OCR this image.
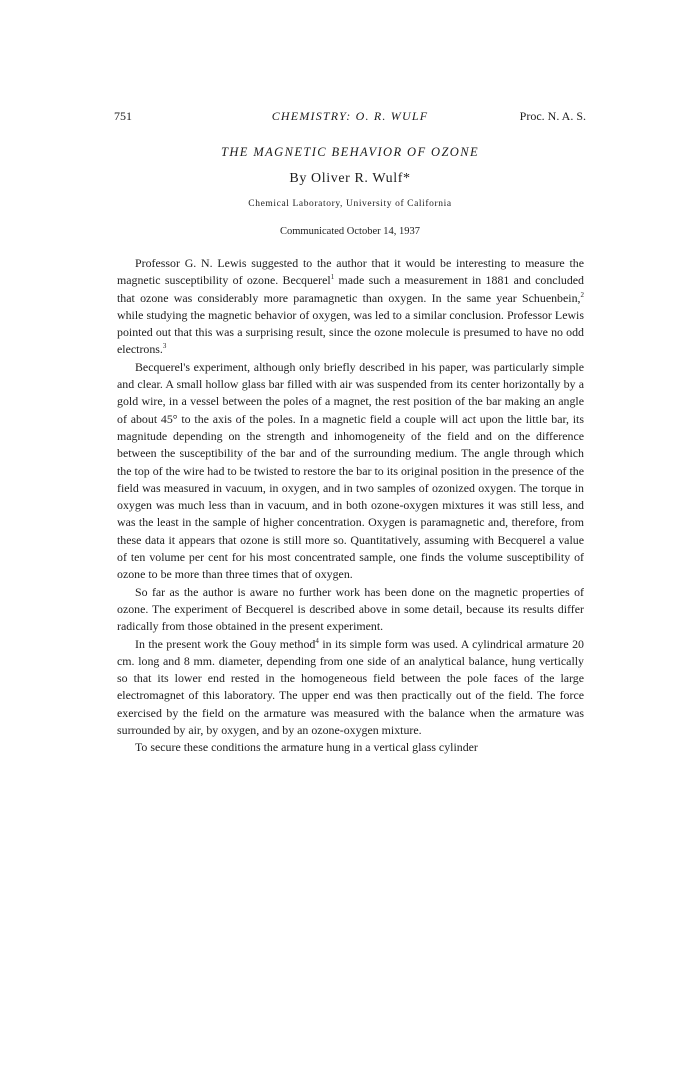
751	CHEMISTRY: O. R. WULF	Proc. N. A. S.
THE MAGNETIC BEHAVIOR OF OZONE
By Oliver R. Wulf*
Chemical Laboratory, University of California
Communicated October 14, 1937

Professor G. N. Lewis suggested to the author that it would be interesting to measure the magnetic susceptibility of ozone. Becquerel$^1$ made such a measurement in 1881 and concluded that ozone was considerably more paramagnetic than oxygen. In the same year Schuenbein,$^2$ while studying the magnetic behavior of oxygen, was led to a similar conclusion. Professor Lewis pointed out that this was a surprising result, since the ozone molecule is presumed to have no odd electrons.$^3$

Becquerel's experiment, although only briefly described in his paper, was particularly simple and clear. A small hollow glass bar filled with air was suspended from its center horizontally by a gold wire, in a vessel between the poles of a magnet, the rest position of the bar making an angle of about 45° to the axis of the poles. In a magnetic field a couple will act upon the little bar, its magnitude depending on the strength and inhomogeneity of the field and on the difference between the susceptibility of the bar and of the surrounding medium. The angle through which the top of the wire had to be twisted to restore the bar to its original position in the presence of the field was measured in vacuum, in oxygen, and in two samples of ozonized oxygen. The torque in oxygen was much less than in vacuum, and in both ozone-oxygen mixtures it was still less, and was the least in the sample of higher concentration. Oxygen is paramagnetic and, therefore, from these data it appears that ozone is still more so. Quantitatively, assuming with Becquerel a value of ten volume per cent for his most concentrated sample, one finds the volume susceptibility of ozone to be more than three times that of oxygen.

So far as the author is aware no further work has been done on the magnetic properties of ozone. The experiment of Becquerel is described above in some detail, because its results differ radically from those obtained in the present experiment.

In the present work the Gouy method$^4$ in its simple form was used. A cylindrical armature 20 cm. long and 8 mm. diameter, depending from one side of an analytical balance, hung vertically so that its lower end rested in the homogeneous field between the pole faces of the large electromagnet of this laboratory. The upper end was then practically out of the field. The force exercised by the field on the armature was measured with the balance when the armature was surrounded by air, by oxygen, and by an ozone-oxygen mixture.

To secure these conditions the armature hung in a vertical glass cylinder
